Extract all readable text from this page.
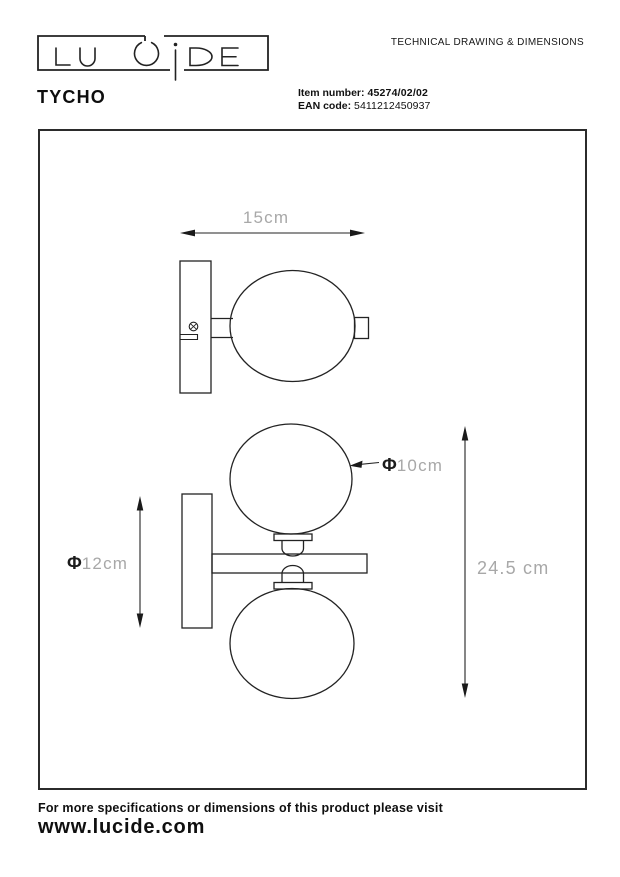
TECHNICAL DRAWING & DIMENSIONS
TYCHO	Item number: 45274/02/02
EAN code: 5411212450937
15cm
Φ10cm
Φ12cm	24.5 cm
For more specifications or dimensions of this product please visit
www.lucide.com
